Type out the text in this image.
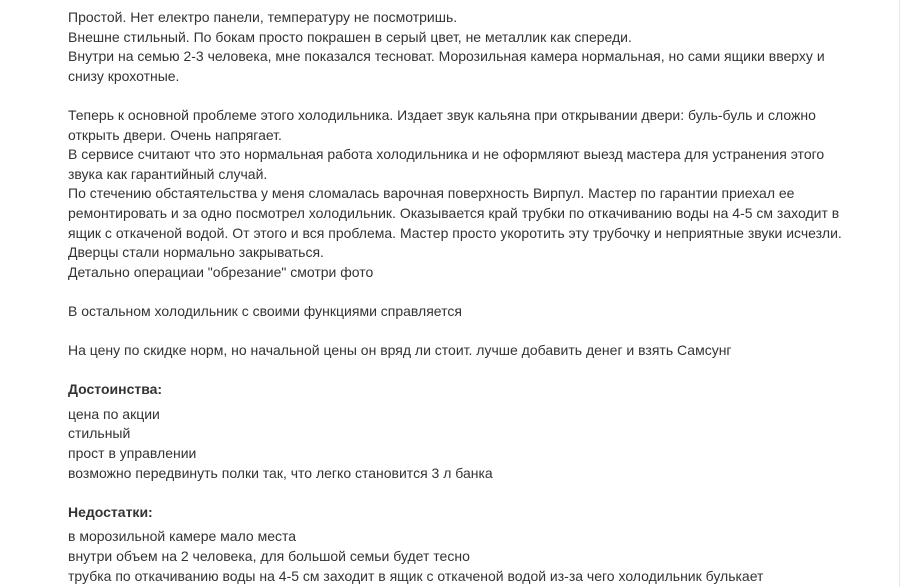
Простой. Нет електро панели, температуру не посмотришь.

Внешне стильный. По бокам просто покрашен в серый цвет, не металлик как спереди.

Внутри на семью 2-3 человека, мне показался тесноват. Морозильная камера нормальная, но сами ящики вверху и

снизу крохотные.

Теперь к основной проблеме этого холодильника. Издает звук кальяна при открывании двери: буль-буль и сложно

открыть двери. Очень напрягает.

В сервисе считают что это нормальная работа холодильника и не оформляют выезд мастера для устранения этого

звука как гарантийный случай.

По стечению обстаятельства у меня сломалась варочная поверхность Вирпул. Мастер по гарантии приехал ее

ремонтировать и за одно посмотрел холодильник. Оказывается край трубки по откачиванию воды на 4-5 см заходит в

ящик с откаченой водой. От этого и вся проблема. Мастер просто укоротить эту трубочку и неприятные звуки исчезли.

Дверцы стали нормально закрываться.

Детально операциаи "обрезание" смотри фото

В остальном холодильник с своими функциями справляется

На цену по скидке норм, но начальной цены он вряд ли стоит. лучше добавить денег и взять Самсунг

Достоинства:

цена по акции
стильный
прост в управлении
возможно передвинуть полки так, что легко становится 3 л банка

Недостатки:

в морозильной камере мало места
внутри объем на 2 человека, для большой семьи будет тесно
трубка по откачиванию воды на 4-5 см заходит в ящик с откаченой водой из-за чего холодильник булькает
